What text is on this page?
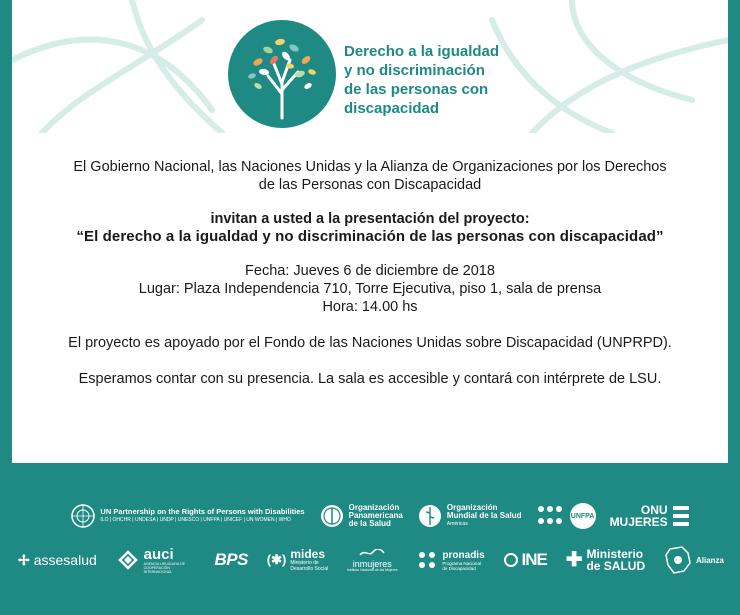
Derecho a la igualdad
y no discriminación
de las personas con
discapacidad
El Gobierno Nacional, las Naciones Unidas y la Alianza de Organizaciones por los Derechos
de las Personas con Discapacidad
invitan a usted a la presentación del proyecto:
“El derecho a la igualdad y no discriminación de las personas con discapacidad”
Fecha: Jueves 6 de diciembre de 2018
Lugar: Plaza Independencia 710, Torre Ejecutiva, piso 1, sala de prensa
Hora: 14.00 hs
El proyecto es apoyado por el Fondo de las Naciones Unidas sobre Discapacidad (UNPRPD).
Esperamos contar con su presencia. La sala es accesible y contará con intérprete de LSU.
UN Partnership on the Rights of Persons with Disabilities
ILO | OHCHR | UNDESA | UNDP | UNESCO | UNFPA | UNICEF | UN WOMEN | WHO
Organización
Panamericana
de la Salud
Organización
Mundial de la Salud
Américas
UNFPA	ONU
MUJERES
✢ assesalud	auci
AGENCIA URUGUAYA DE COOPERACIÓN INTERNACIONAL
BPS (✱) mides
Ministerio de
Desarrollo Social
inmujeres
Instituto Nacional de las Mujeres
pronadis
Programa Nacional
de Discapacidad	INE ✚ Ministerio
de SALUD	Alianza
